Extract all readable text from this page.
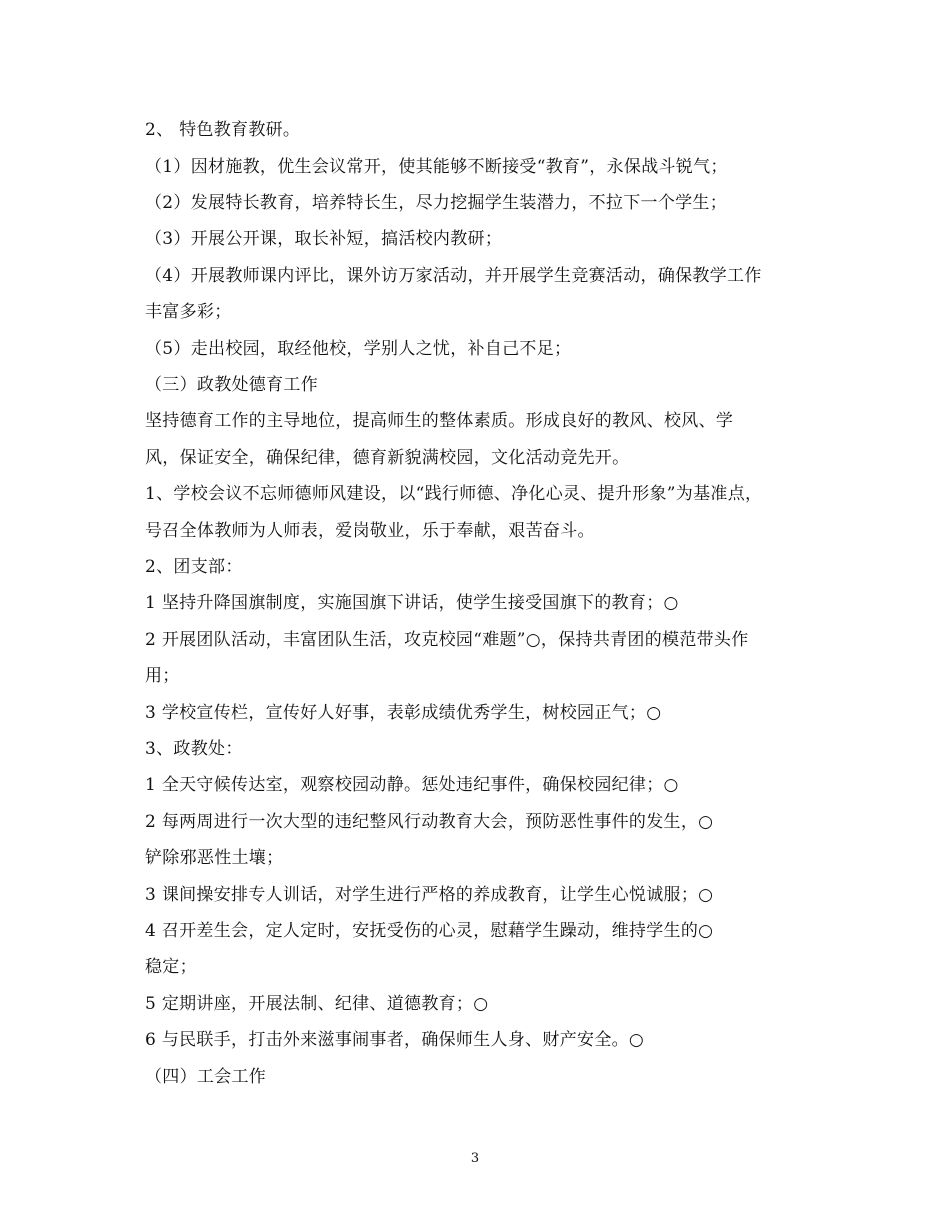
2、 特色教育教研。
（1）因材施教，优生会议常开，使其能够不断接受“教育”，永保战斗锐气；
（2）发展特长教育，培养特长生，尽力挖掘学生装潜力，不拉下一个学生；
（3）开展公开课，取长补短，搞活校内教研；
（4）开展教师课内评比，课外访万家活动，并开展学生竞赛活动，确保教学工作
丰富多彩；
（5）走出校园，取经他校，学别人之忧，补自己不足；
（三）政教处德育工作
坚持德育工作的主导地位，提高师生的整体素质。形成良好的教风、校风、学
风，保证安全，确保纪律，德育新貌满校园，文化活动竞先开。
1、学校会议不忘师德师风建设，以“践行师德、净化心灵、提升形象”为基准点，
号召全体教师为人师表，爱岗敬业，乐于奉献，艰苦奋斗。
2、团支部：
1 坚持升降国旗制度，实施国旗下讲话，使学生接受国旗下的教育；○
2 开展团队活动，丰富团队生活，攻克校园“难题”○，保持共青团的模范带头作
用；
3 学校宣传栏，宣传好人好事，表彰成绩优秀学生，树校园正气；○
3、政教处：
1 全天守候传达室，观察校园动静。惩处违纪事件，确保校园纪律；○
2 每两周进行一次大型的违纪整风行动教育大会，预防恶性事件的发生，○
铲除邪恶性土壤；
3 课间操安排专人训话，对学生进行严格的养成教育，让学生心悦诚服；○
4 召开差生会，定人定时，安抚受伤的心灵，慰藉学生躁动，维持学生的○
稳定；
5 定期讲座，开展法制、纪律、道德教育；○
6 与民联手，打击外来滋事闹事者，确保师生人身、财产安全。○
（四）工会工作
3
